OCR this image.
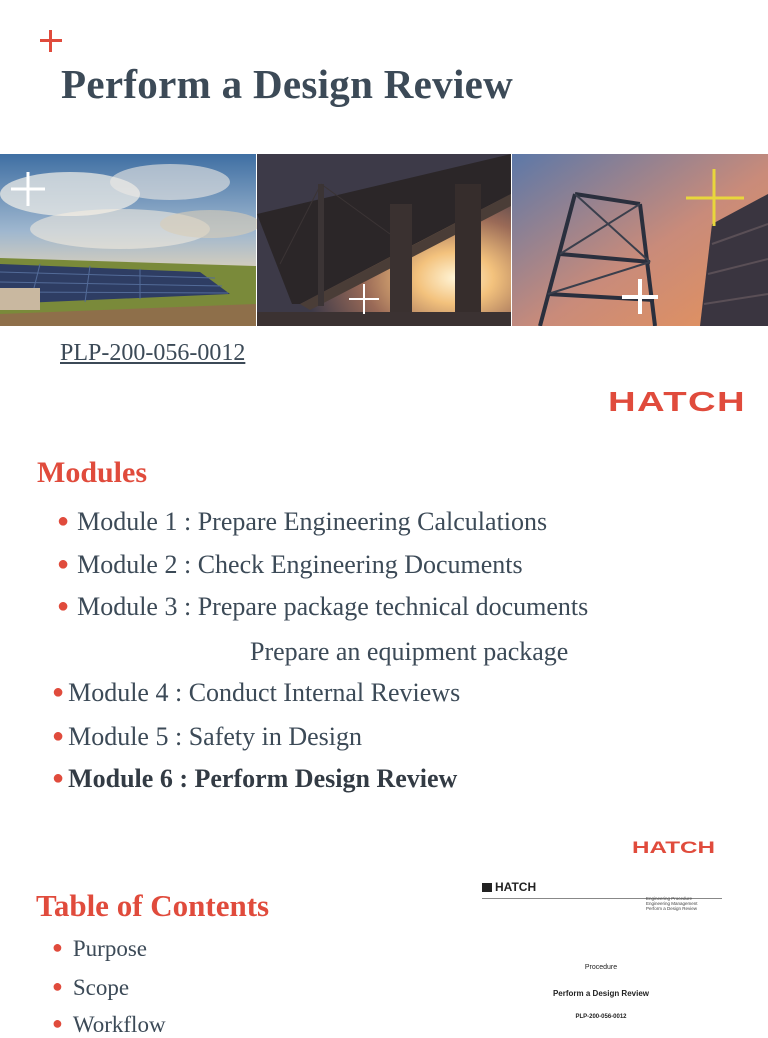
Perform a Design Review
PLP-200-056-0012
HATCH
Modules
● Module 1 : Prepare Engineering Calculations
● Module 2 : Check Engineering Documents
● Module 3 : Prepare package technical documents
● Module 4 : Conduct Internal Reviews
● Module 5 : Safety in Design
● Module 6 : Perform Design Review
Prepare an equipment package
HATCH
Table of Contents
● Purpose
● Scope
● Workflow
HATCH
Engineering Procedure
Engineering Management
Perform a Design Review
Procedure
Perform a Design Review
PLP-200-056-0012
